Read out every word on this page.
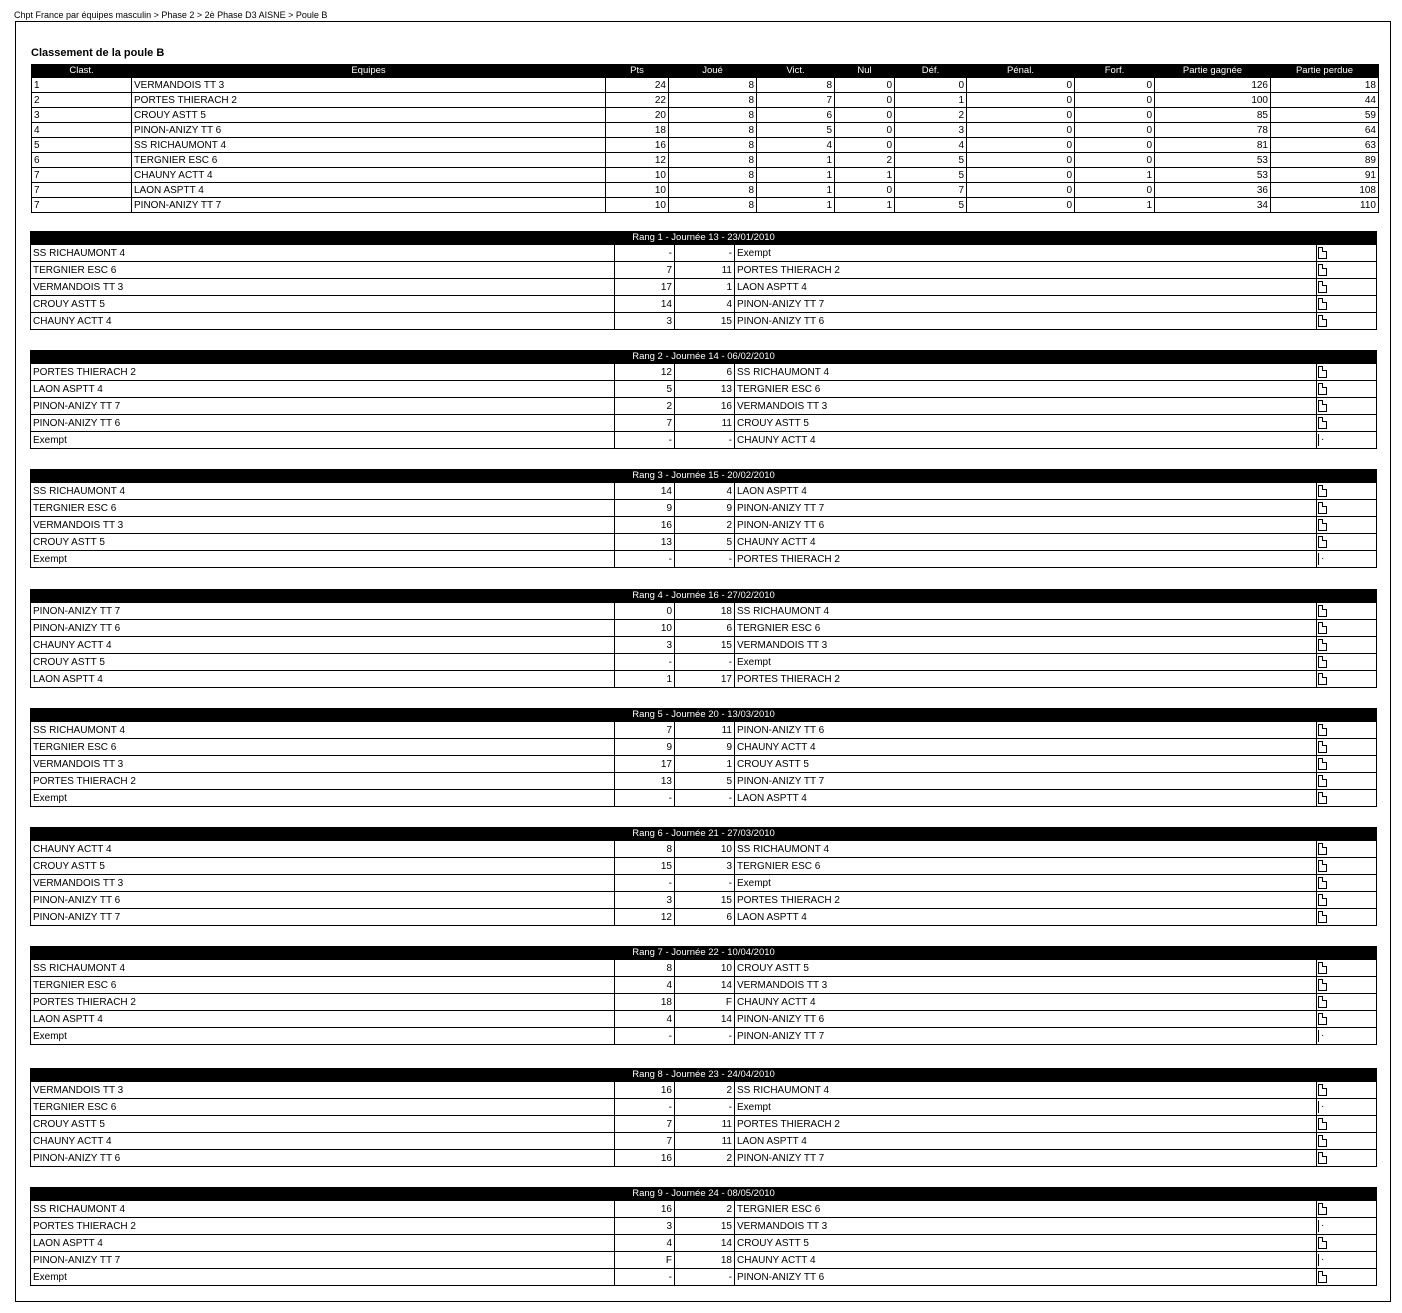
Chpt France par équipes masculin > Phase 2 > 2è Phase D3 AISNE > Poule B
Classement de la poule B
Clast.	Equipes	Pts	Joué	Vict.	Nul	Déf.	Pénal.	Forf.	Partie gagnée	Partie perdue
1	VERMANDOIS TT 3	24	8	8	0	0	0	0	126	18
2	PORTES THIERACH 2	22	8	7	0	1	0	0	100	44
3	CROUY ASTT 5	20	8	6	0	2	0	0	85	59
4	PINON-ANIZY TT 6	18	8	5	0	3	0	0	78	64
5	SS RICHAUMONT 4	16	8	4	0	4	0	0	81	63
6	TERGNIER ESC 6	12	8	1	2	5	0	0	53	89
7	CHAUNY ACTT 4	10	8	1	1	5	0	1	53	91
7	LAON ASPTT 4	10	8	1	0	7	0	0	36	108
7	PINON-ANIZY TT 7	10	8	1	1	5	0	1	34	110
Rang 1 - Journée 13 - 23/01/2010				
SS RICHAUMONT 4	-	-	Exempt	
TERGNIER ESC 6	7	11	PORTES THIERACH 2	
VERMANDOIS TT 3	17	1	LAON ASPTT 4	
CROUY ASTT 5	14	4	PINON-ANIZY TT 7	
CHAUNY ACTT 4	3	15	PINON-ANIZY TT 6	
Rang 2 - Journée 14 - 06/02/2010				
PORTES THIERACH 2	12	6	SS RICHAUMONT 4	
LAON ASPTT 4	5	13	TERGNIER ESC 6	
PINON-ANIZY TT 7	2	16	VERMANDOIS TT 3	
PINON-ANIZY TT 6	7	11	CROUY ASTT 5	
Exempt	-	-	CHAUNY ACTT 4	·
Rang 3 - Journée 15 - 20/02/2010				
SS RICHAUMONT 4	14	4	LAON ASPTT 4	
TERGNIER ESC 6	9	9	PINON-ANIZY TT 7	
VERMANDOIS TT 3	16	2	PINON-ANIZY TT 6	
CROUY ASTT 5	13	5	CHAUNY ACTT 4	
Exempt	-	-	PORTES THIERACH 2	·
Rang 4 - Journée 16 - 27/02/2010				
PINON-ANIZY TT 7	0	18	SS RICHAUMONT 4	
PINON-ANIZY TT 6	10	6	TERGNIER ESC 6	
CHAUNY ACTT 4	3	15	VERMANDOIS TT 3	
CROUY ASTT 5	-	-	Exempt	
LAON ASPTT 4	1	17	PORTES THIERACH 2	
Rang 5 - Journée 20 - 13/03/2010				
SS RICHAUMONT 4	7	11	PINON-ANIZY TT 6	
TERGNIER ESC 6	9	9	CHAUNY ACTT 4	
VERMANDOIS TT 3	17	1	CROUY ASTT 5	
PORTES THIERACH 2	13	5	PINON-ANIZY TT 7	
Exempt	-	-	LAON ASPTT 4	
Rang 6 - Journée 21 - 27/03/2010				
CHAUNY ACTT 4	8	10	SS RICHAUMONT 4	
CROUY ASTT 5	15	3	TERGNIER ESC 6	
VERMANDOIS TT 3	-	-	Exempt	
PINON-ANIZY TT 6	3	15	PORTES THIERACH 2	
PINON-ANIZY TT 7	12	6	LAON ASPTT 4	
Rang 7 - Journée 22 - 10/04/2010				
SS RICHAUMONT 4	8	10	CROUY ASTT 5	
TERGNIER ESC 6	4	14	VERMANDOIS TT 3	
PORTES THIERACH 2	18	F	CHAUNY ACTT 4	
LAON ASPTT 4	4	14	PINON-ANIZY TT 6	
Exempt	-	-	PINON-ANIZY TT 7	·
Rang 8 - Journée 23 - 24/04/2010				
VERMANDOIS TT 3	16	2	SS RICHAUMONT 4	
TERGNIER ESC 6	-	-	Exempt	·
CROUY ASTT 5	7	11	PORTES THIERACH 2	
CHAUNY ACTT 4	7	11	LAON ASPTT 4	
PINON-ANIZY TT 6	16	2	PINON-ANIZY TT 7	
Rang 9 - Journée 24 - 08/05/2010				
SS RICHAUMONT 4	16	2	TERGNIER ESC 6	
PORTES THIERACH 2	3	15	VERMANDOIS TT 3	·
LAON ASPTT 4	4	14	CROUY ASTT 5	
PINON-ANIZY TT 7	F	18	CHAUNY ACTT 4	·
Exempt	-	-	PINON-ANIZY TT 6	
